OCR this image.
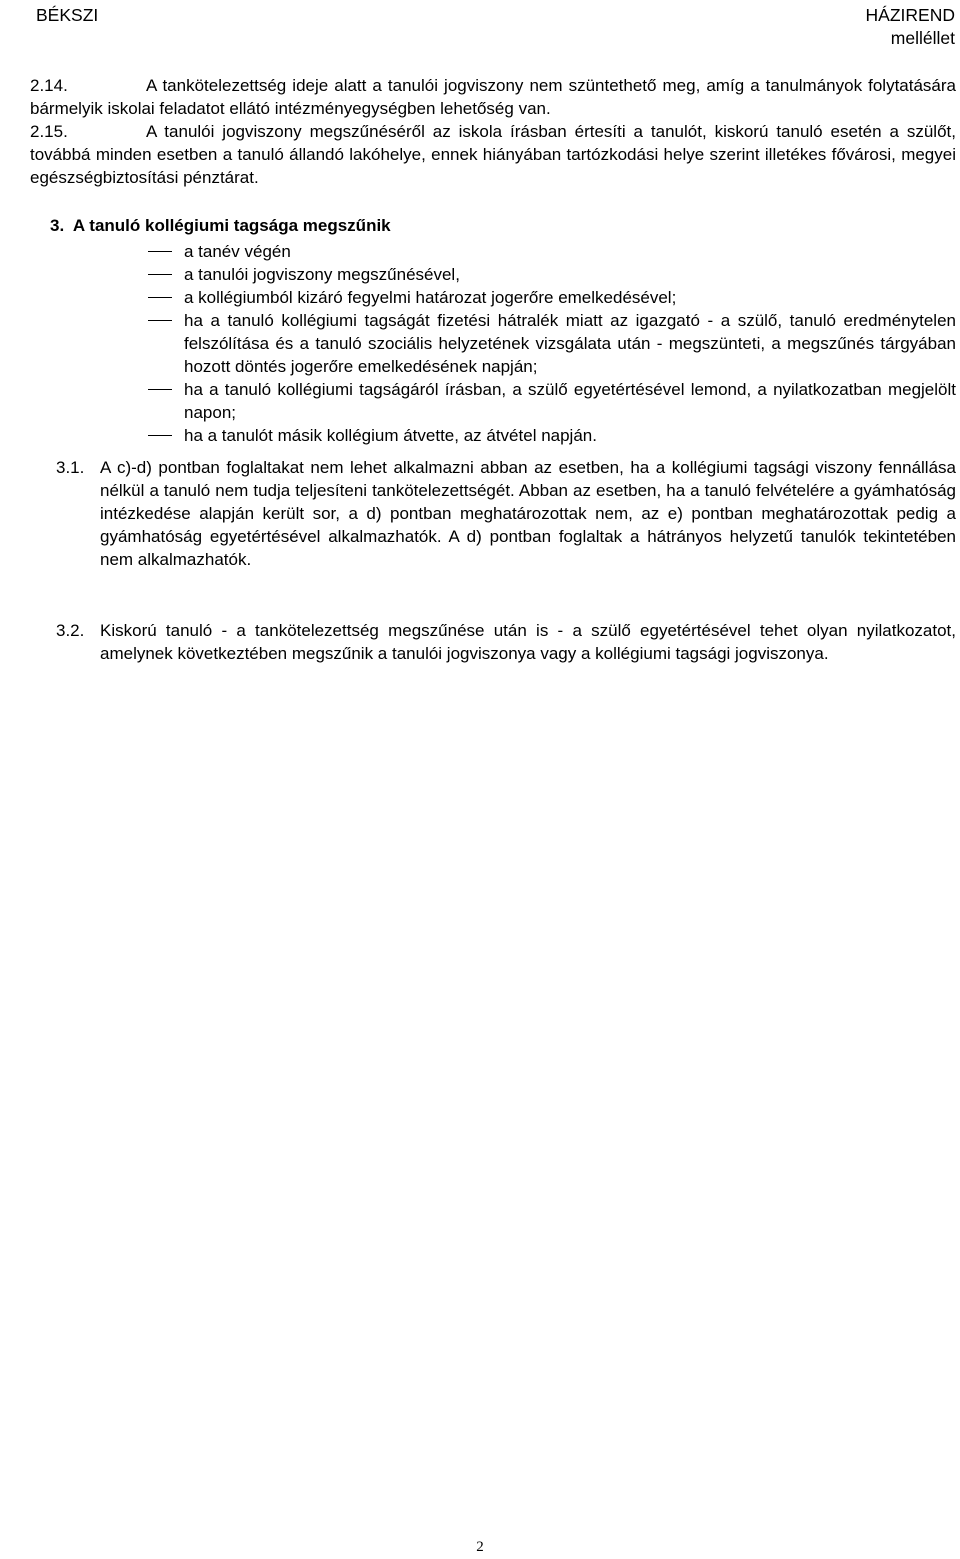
BÉKSZI	HÁZIREND
melléllet
2.14.	A tankötelezettség ideje alatt a tanulói jogviszony nem szüntethető meg, amíg a tanulmányok folytatására bármelyik iskolai feladatot ellátó intézményegységben lehetőség van.
2.15.	A tanulói jogviszony megszűnéséről az iskola írásban értesíti a tanulót, kiskorú tanuló esetén a szülőt, továbbá minden esetben a tanuló állandó lakóhelye, ennek hiányában tartózkodási helye szerint illetékes fővárosi, megyei egészségbiztosítási pénztárat.
3. A tanuló kollégiumi tagsága megszűnik
a tanév végén
a tanulói jogviszony megszűnésével,
a kollégiumból kizáró fegyelmi határozat jogerőre emelkedésével;
ha a tanuló kollégiumi tagságát fizetési hátralék miatt az igazgató - a szülő, tanuló eredménytelen felszólítása és a tanuló szociális helyzetének vizsgálata után - megszünteti, a megszűnés tárgyában hozott döntés jogerőre emelkedésének napján;
ha a tanuló kollégiumi tagságáról írásban, a szülő egyetértésével lemond, a nyilatkozatban megjelölt napon;
ha a tanulót másik kollégium átvette, az átvétel napján.
3.1. A c)-d) pontban foglaltakat nem lehet alkalmazni abban az esetben, ha a kollégiumi tagsági viszony fennállása nélkül a tanuló nem tudja teljesíteni tankötelezettségét. Abban az esetben, ha a tanuló felvételére a gyámhatóság intézkedése alapján került sor, a d) pontban meghatározottak nem, az e) pontban meghatározottak pedig a gyámhatóság egyetértésével alkalmazhatók. A d) pontban foglaltak a hátrányos helyzetű tanulók tekintetében nem alkalmazhatók.
3.2. Kiskorú tanuló - a tankötelezettség megszűnése után is - a szülő egyetértésével tehet olyan nyilatkozatot, amelynek következtében megszűnik a tanulói jogviszonya vagy a kollégiumi tagsági jogviszonya.
2
